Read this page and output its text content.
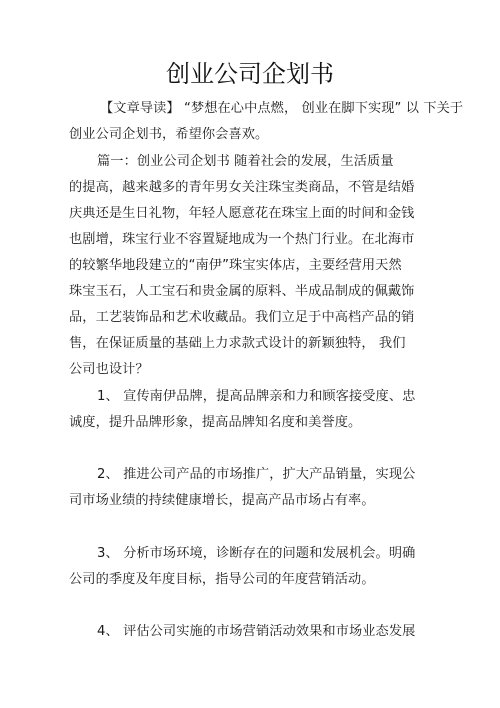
创业公司企划书
【文章导读】 “梦想在心中点燃， 创业在脚下实现” 以 下关于
创业公司企划书，希望你会喜欢。
篇一：创业公司企划书 随着社会的发展，生活质量
的提高，越来越多的青年男女关注珠宝类商品，不管是结婚
庆典还是生日礼物，年轻人愿意花在珠宝上面的时间和金钱
也剧增，珠宝行业不容置疑地成为一个热门行业。在北海市
的较繁华地段建立的“南伊”珠宝实体店，主要经营用天然
珠宝玉石，人工宝石和贵金属的原料、半成品制成的佩戴饰
品，工艺装饰品和艺术收藏品。我们立足于中高档产品的销
售，在保证质量的基础上力求款式设计的新颖独特， 我们
公司也设计？
1、 宣传南伊品牌，提高品牌亲和力和顾客接受度、忠
诚度，提升品牌形象，提高品牌知名度和美誉度。
2、 推进公司产品的市场推广，扩大产品销量，实现公
司市场业绩的持续健康增长，提高产品市场占有率。
3、 分析市场环境，诊断存在的问题和发展机会。明确
公司的季度及年度目标，指导公司的年度营销活动。
4、 评估公司实施的市场营销活动效果和市场业态发展
